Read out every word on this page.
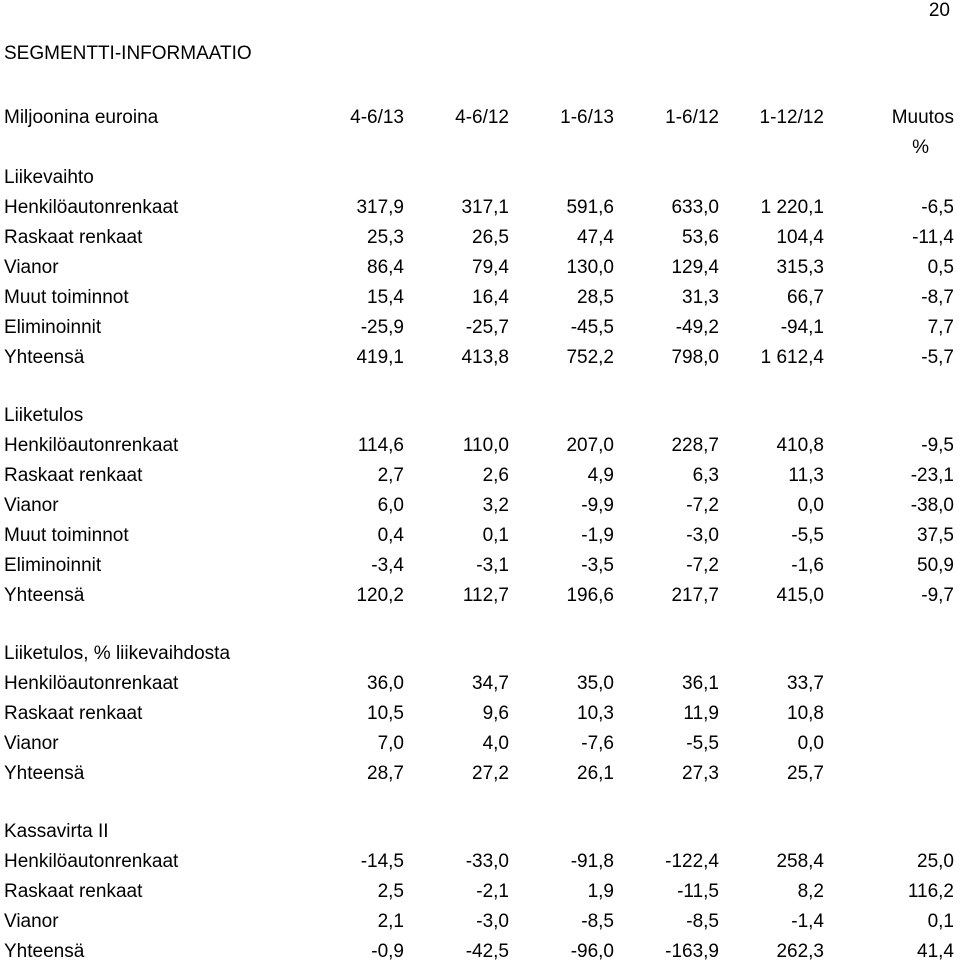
20
SEGMENTTI-INFORMAATIO
Miljoonina euroina	4-6/13	4-6/12	1-6/13	1-6/12	1-12/12	Muutos
						%
Liikevaihto						
Henkilöautonrenkaat	317,9	317,1	591,6	633,0	1 220,1	-6,5
Raskaat renkaat	25,3	26,5	47,4	53,6	104,4	-11,4
Vianor	86,4	79,4	130,0	129,4	315,3	0,5
Muut toiminnot	15,4	16,4	28,5	31,3	66,7	-8,7
Eliminoinnit	-25,9	-25,7	-45,5	-49,2	-94,1	7,7
Yhteensä	419,1	413,8	752,2	798,0	1 612,4	-5,7

Liiketulos						
Henkilöautonrenkaat	114,6	110,0	207,0	228,7	410,8	-9,5
Raskaat renkaat	2,7	2,6	4,9	6,3	11,3	-23,1
Vianor	6,0	3,2	-9,9	-7,2	0,0	-38,0
Muut toiminnot	0,4	0,1	-1,9	-3,0	-5,5	37,5
Eliminoinnit	-3,4	-3,1	-3,5	-7,2	-1,6	50,9
Yhteensä	120,2	112,7	196,6	217,7	415,0	-9,7

Liiketulos, % liikevaihdosta						
Henkilöautonrenkaat	36,0	34,7	35,0	36,1	33,7	
Raskaat renkaat	10,5	9,6	10,3	11,9	10,8	
Vianor	7,0	4,0	-7,6	-5,5	0,0	
Yhteensä	28,7	27,2	26,1	27,3	25,7	

Kassavirta II						
Henkilöautonrenkaat	-14,5	-33,0	-91,8	-122,4	258,4	25,0
Raskaat renkaat	2,5	-2,1	1,9	-11,5	8,2	116,2
Vianor	2,1	-3,0	-8,5	-8,5	-1,4	0,1
Yhteensä	-0,9	-42,5	-96,0	-163,9	262,3	41,4
